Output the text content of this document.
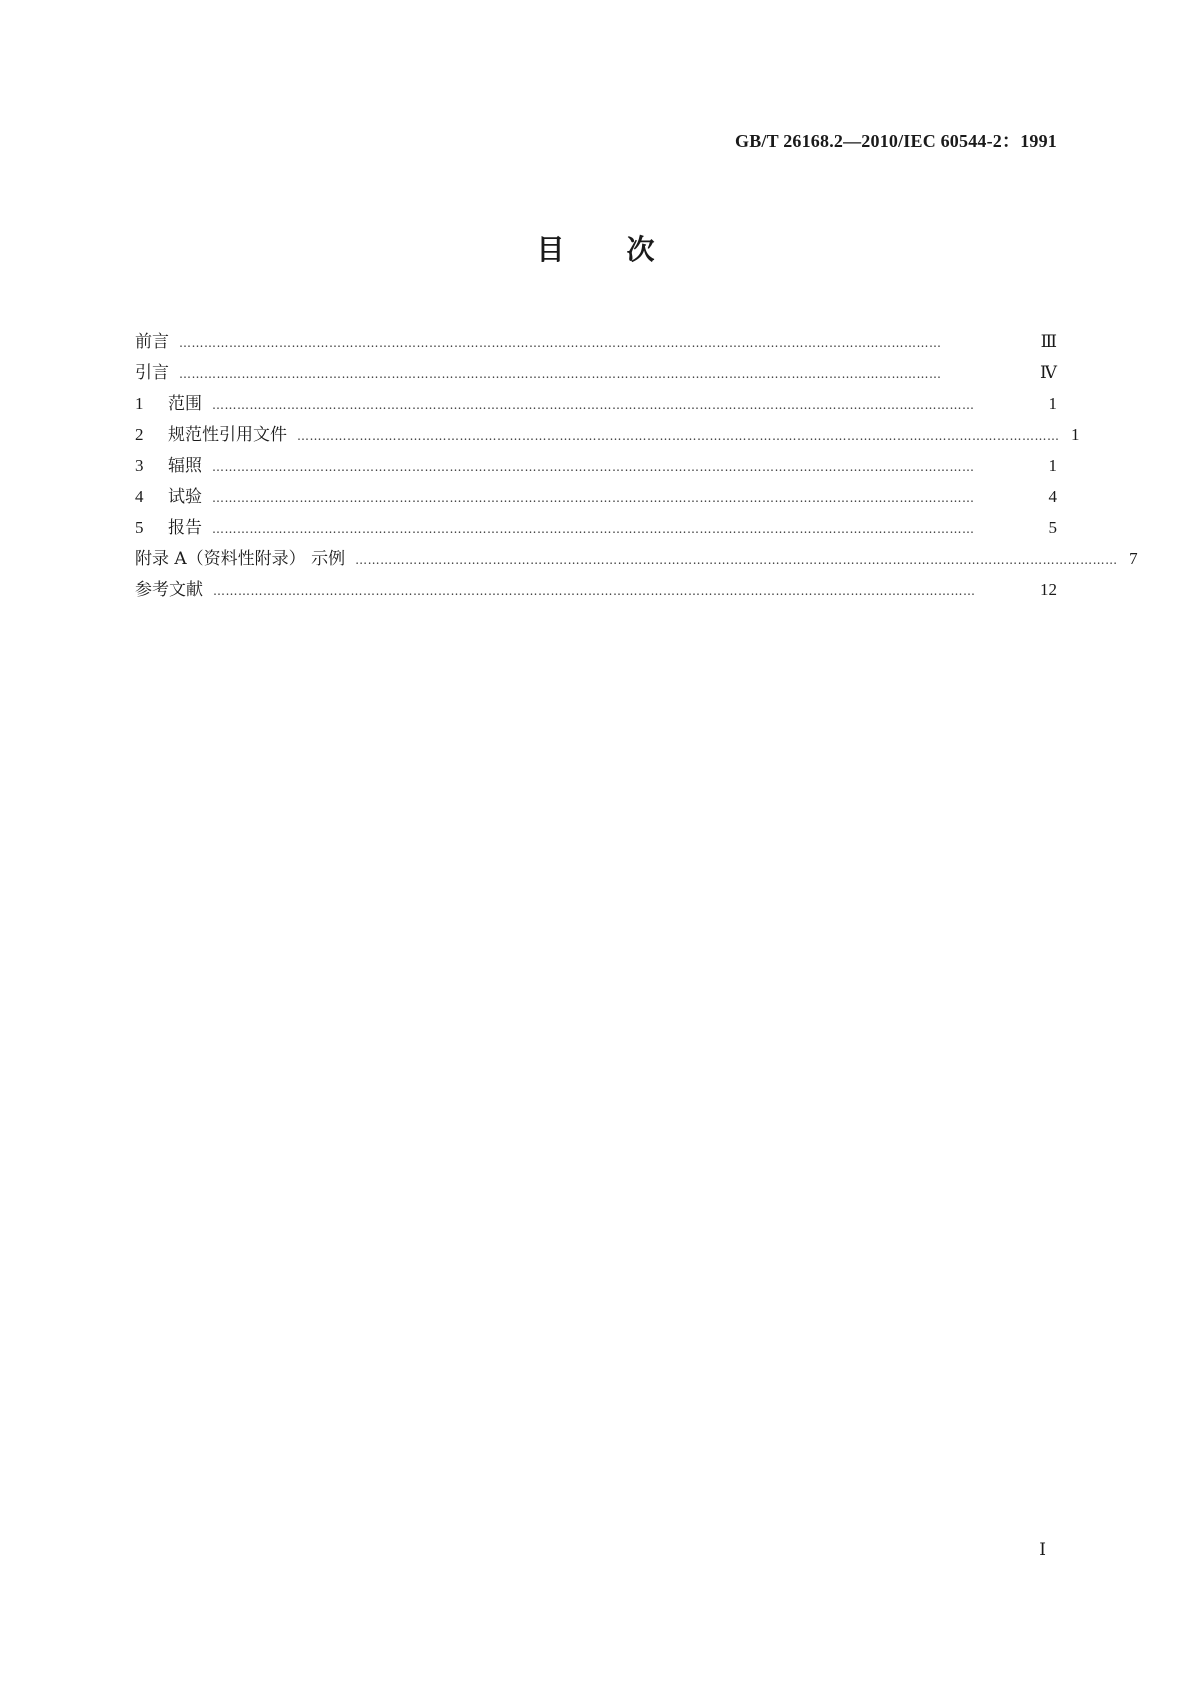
GB/T 26168.2—2010/IEC 60544-2：1991
目次
前言 …………………………………………………………………………………………………………………………………………………………………	Ⅲ
引言 …………………………………………………………………………………………………………………………………………………………………	Ⅳ
1 范围 …………………………………………………………………………………………………………………………………………………………………	1
2 规范性引用文件 ………………………………………………………………………………………………………………………………………………………………… 1
3 辐照 …………………………………………………………………………………………………………………………………………………………………	1
4 试验 …………………………………………………………………………………………………………………………………………………………………	4
5 报告 …………………………………………………………………………………………………………………………………………………………………	5
附录 A（资料性附录） 示例 ………………………………………………………………………………………………………………………………………………………………… 7
参考文献 …………………………………………………………………………………………………………………………………………………………………	12
Ⅰ
